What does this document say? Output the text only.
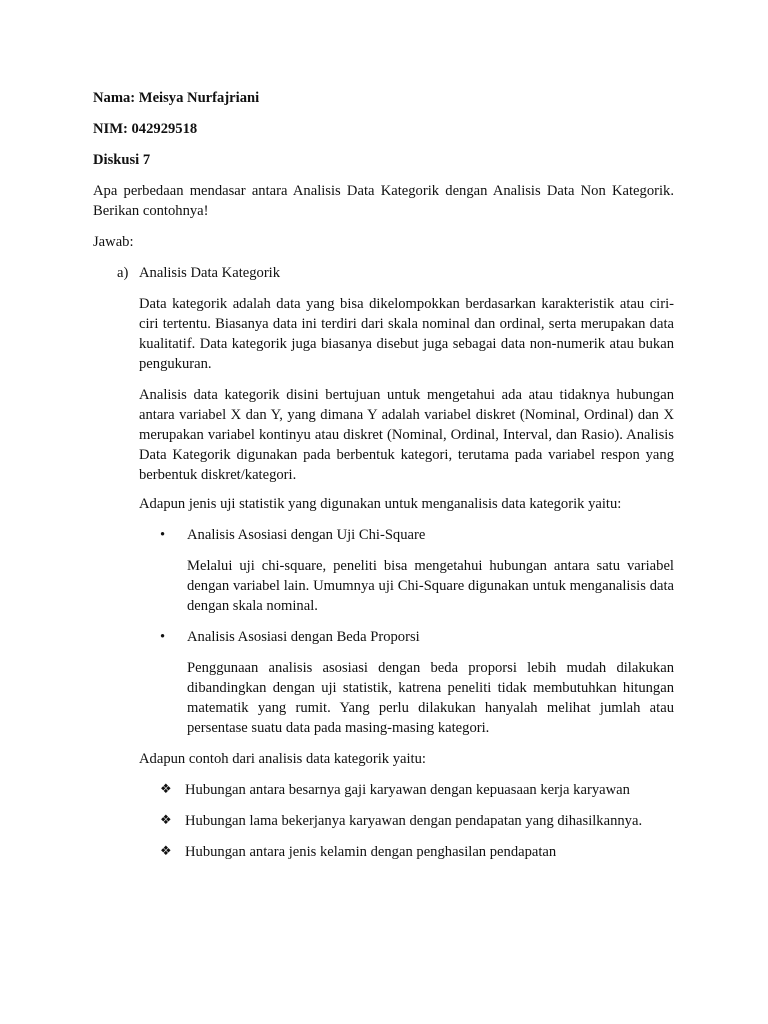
Nama: Meisya Nurfajriani

NIM: 042929518

Diskusi 7

Apa perbedaan mendasar antara Analisis Data Kategorik dengan Analisis Data Non Kategorik. Berikan contohnya!

Jawab:

a) Analisis Data Kategorik

Data kategorik adalah data yang bisa dikelompokkan berdasarkan karakteristik atau ciri-ciri tertentu. Biasanya data ini terdiri dari skala nominal dan ordinal, serta merupakan data kualitatif. Data kategorik juga biasanya disebut juga sebagai data non-numerik atau bukan pengukuran.

Analisis data kategorik disini bertujuan untuk mengetahui ada atau tidaknya hubungan antara variabel X dan Y, yang dimana Y adalah variabel diskret (Nominal, Ordinal) dan X merupakan variabel kontinyu atau diskret (Nominal, Ordinal, Interval, dan Rasio). Analisis Data Kategorik digunakan pada berbentuk kategori, terutama pada variabel respon yang berbentuk diskret/kategori.

Adapun jenis uji statistik yang digunakan untuk menganalisis data kategorik yaitu:

• Analisis Asosiasi dengan Uji Chi-Square

Melalui uji chi-square, peneliti bisa mengetahui hubungan antara satu variabel dengan variabel lain. Umumnya uji Chi-Square digunakan untuk menganalisis data dengan skala nominal.

• Analisis Asosiasi dengan Beda Proporsi

Penggunaan analisis asosiasi dengan beda proporsi lebih mudah dilakukan dibandingkan dengan uji statistik, katrena peneliti tidak membutuhkan hitungan matematik yang rumit. Yang perlu dilakukan hanyalah melihat jumlah atau persentase suatu data pada masing-masing kategori.

Adapun contoh dari analisis data kategorik yaitu:

❖ Hubungan antara besarnya gaji karyawan dengan kepuasaan kerja karyawan

❖ Hubungan lama bekerjanya karyawan dengan pendapatan yang dihasilkannya.

❖ Hubungan antara jenis kelamin dengan penghasilan pendapatan
